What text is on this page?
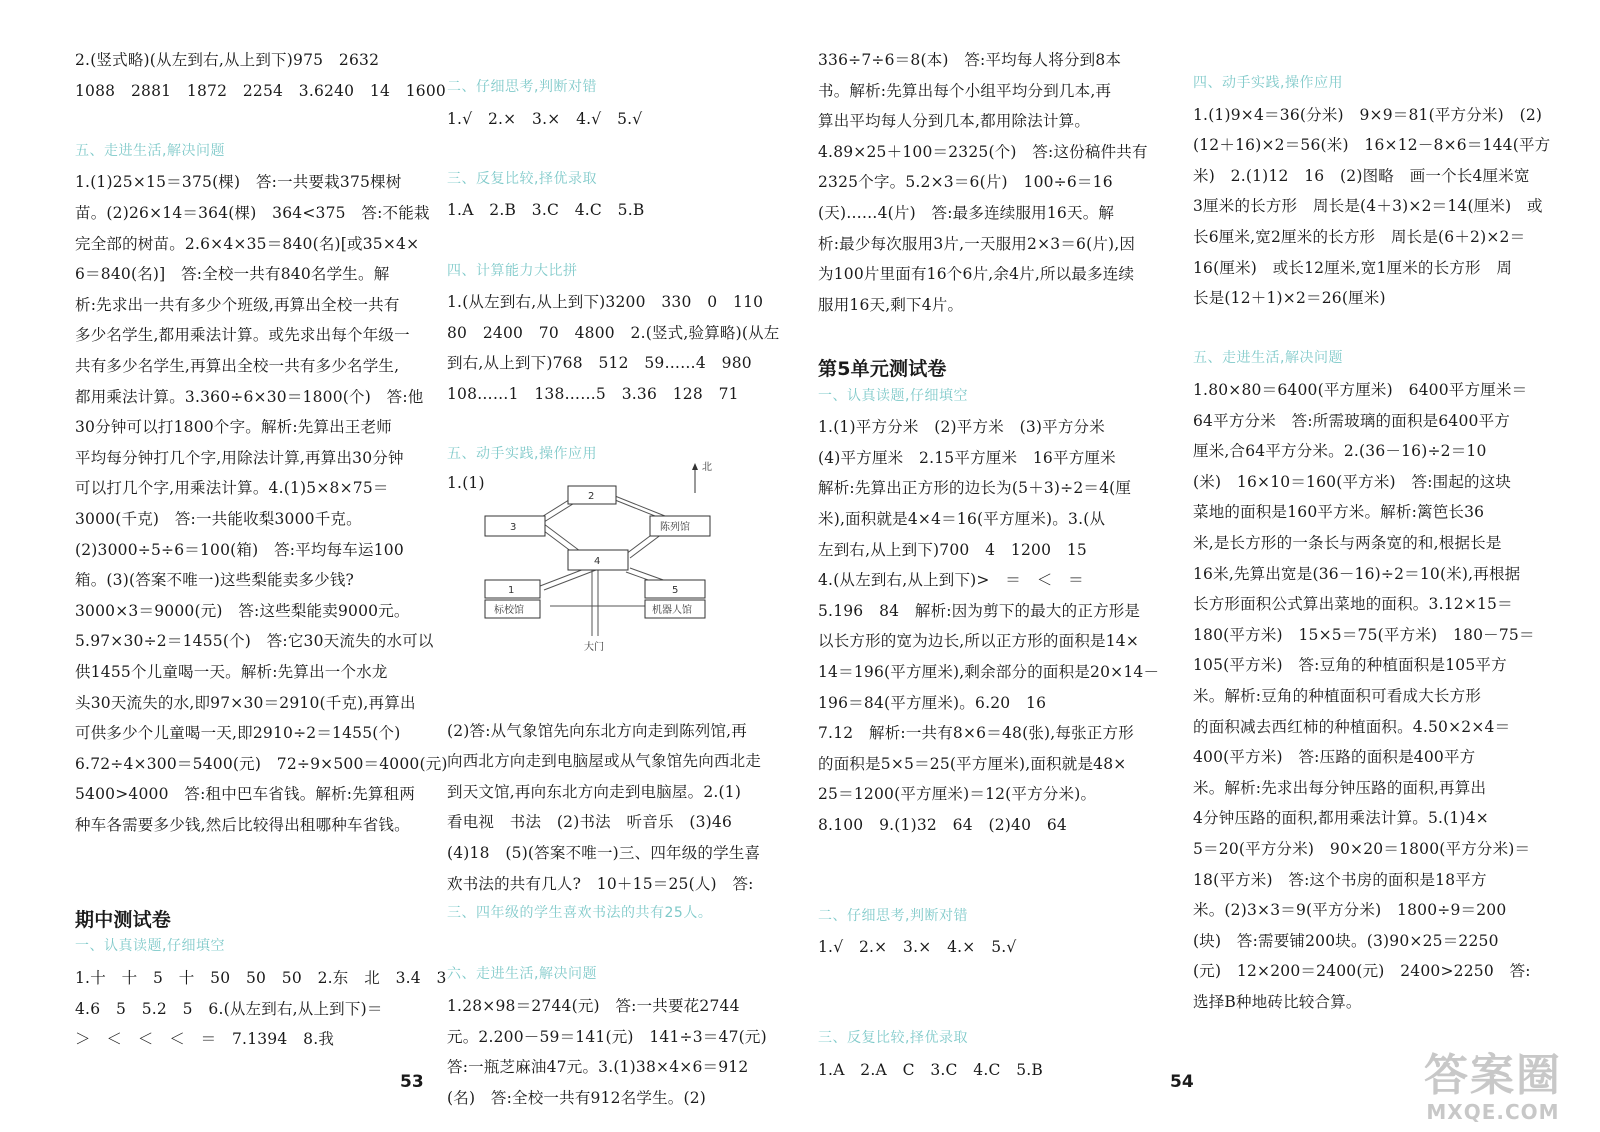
2.(竖式略)(从左到右,从上到下)975　2632
1088　2881　1872　2254　3.6240　14　1600
五、走进生活,解决问题
1.(1)25×15＝375(棵)　答:一共要栽375棵树
苗。(2)26×14＝364(棵)　364<375　答:不能栽
完全部的树苗。2.6×4×35＝840(名)[或35×4×
6＝840(名)]　答:全校一共有840名学生。解
析:先求出一共有多少个班级,再算出全校一共有
多少名学生,都用乘法计算。或先求出每个年级一
共有多少名学生,再算出全校一共有多少名学生,
都用乘法计算。3.360÷6×30＝1800(个)　答:他
30分钟可以打1800个字。解析:先算出王老师
平均每分钟打几个字,用除法计算,再算出30分钟
可以打几个字,用乘法计算。4.(1)5×8×75＝
3000(千克)　答:一共能收梨3000千克。
(2)3000÷5÷6＝100(箱)　答:平均每车运100
箱。(3)(答案不唯一)这些梨能卖多少钱?
3000×3＝9000(元)　答:这些梨能卖9000元。
5.97×30÷2＝1455(个)　答:它30天流失的水可以
供1455个儿童喝一天。解析:先算出一个水龙
头30天流失的水,即97×30＝2910(千克),再算出
可供多少个儿童喝一天,即2910÷2＝1455(个)
6.72÷4×300＝5400(元)　72÷9×500＝4000(元)
5400>4000　答:租中巴车省钱。解析:先算租两
种车各需要多少钱,然后比较得出租哪种车省钱。
期中测试卷
一、认真读题,仔细填空
1.十　十　5　十　50　50　50　2.东　北　3.4　3
4.6　5　5.2　5　6.(从左到右,从上到下)＝
＞　＜　＜　＜　＝　7.1394　8.我
二、仔细思考,判断对错
1.√　2.×　3.×　4.√　5.√
三、反复比较,择优录取
1.A　2.B　3.C　4.C　5.B
四、计算能力大比拼
1.(从左到右,从上到下)3200　330　0　110
80　2400　70　4800　2.(竖式,验算略)(从左
到右,从上到下)768　512　59……4　980
108……1　138……5　3.36　128　71
五、动手实践,操作应用
1.(1)
(2)答:从气象馆先向东北方向走到陈列馆,再
向西北方向走到电脑屋或从气象馆先向西北走
到天文馆,再向东北方向走到电脑屋。2.(1)
看电视　书法　(2)书法　听音乐　(3)46
(4)18　(5)(答案不唯一)三、四年级的学生喜
欢书法的共有几人?　10＋15＝25(人)　答:
三、四年级的学生喜欢书法的共有25人。
六、走进生活,解决问题
1.28×98＝2744(元)　答:一共要花2744
元。2.200－59＝141(元)　141÷3＝47(元)
答:一瓶芝麻油47元。3.(1)38×4×6＝912
(名)　答:全校一共有912名学生。(2)
336÷7÷6＝8(本)　答:平均每人将分到8本
书。解析:先算出每个小组平均分到几本,再
算出平均每人分到几本,都用除法计算。
4.89×25＋100＝2325(个)　答:这份稿件共有
2325个字。5.2×3＝6(片)　100÷6＝16
(天)……4(片)　答:最多连续服用16天。解
析:最少每次服用3片,一天服用2×3＝6(片),因
为100片里面有16个6片,余4片,所以最多连续
服用16天,剩下4片。
第5单元测试卷
一、认真读题,仔细填空
1.(1)平方分米　(2)平方米　(3)平方分米
(4)平方厘米　2.15平方厘米　16平方厘米
解析:先算出正方形的边长为(5＋3)÷2＝4(厘
米),面积就是4×4＝16(平方厘米)。3.(从
左到右,从上到下)700　4　1200　15
4.(从左到右,从上到下)>　＝　＜　＝
5.196　84　解析:因为剪下的最大的正方形是
以长方形的宽为边长,所以正方形的面积是14×
14＝196(平方厘米),剩余部分的面积是20×14－
196＝84(平方厘米)。6.20　16
7.12　解析:一共有8×6＝48(张),每张正方形
的面积是5×5＝25(平方厘米),面积就是48×
25＝1200(平方厘米)＝12(平方分米)。
8.100　9.(1)32　64　(2)40　64
二、仔细思考,判断对错
1.√　2.×　3.×　4.×　5.√
三、反复比较,择优录取
1.A　2.A　C　3.C　4.C　5.B
四、动手实践,操作应用
1.(1)9×4＝36(分米)　9×9＝81(平方分米)　(2)
(12＋16)×2＝56(米)　16×12－8×6＝144(平方
米)　2.(1)12　16　(2)图略　画一个长4厘米宽
3厘米的长方形　周长是(4＋3)×2＝14(厘米)　或
长6厘米,宽2厘米的长方形　周长是(6＋2)×2＝
16(厘米)　或长12厘米,宽1厘米的长方形　周
长是(12＋1)×2＝26(厘米)
五、走进生活,解决问题
1.80×80＝6400(平方厘米)　6400平方厘米＝
64平方分米　答:所需玻璃的面积是6400平方
厘米,合64平方分米。2.(36－16)÷2＝10
(米)　16×10＝160(平方米)　答:围起的这块
菜地的面积是160平方米。解析:篱笆长36
米,是长方形的一条长与两条宽的和,根据长是
16米,先算出宽是(36－16)÷2＝10(米),再根据
长方形面积公式算出菜地的面积。3.12×15＝
180(平方米)　15×5＝75(平方米)　180－75＝
105(平方米)　答:豆角的种植面积是105平方
米。解析:豆角的种植面积可看成大长方形
的面积减去西红柿的种植面积。4.50×2×4＝
400(平方米)　答:压路的面积是400平方
米。解析:先求出每分钟压路的面积,再算出
4分钟压路的面积,都用乘法计算。5.(1)4×
5＝20(平方分米)　90×20＝1800(平方分米)＝
18(平方米)　答:这个书房的面积是18平方
米。(2)3×3＝9(平方分米)　1800÷9＝200
(块)　答:需要铺200块。(3)90×25＝2250
(元)　12×200＝2400(元)　2400>2250　答:
选择B种地砖比较合算。
北
2
3	陈列馆
4
1
标校馆
5
机器人馆
大门
53	54	答案圈
MXQE.COM
